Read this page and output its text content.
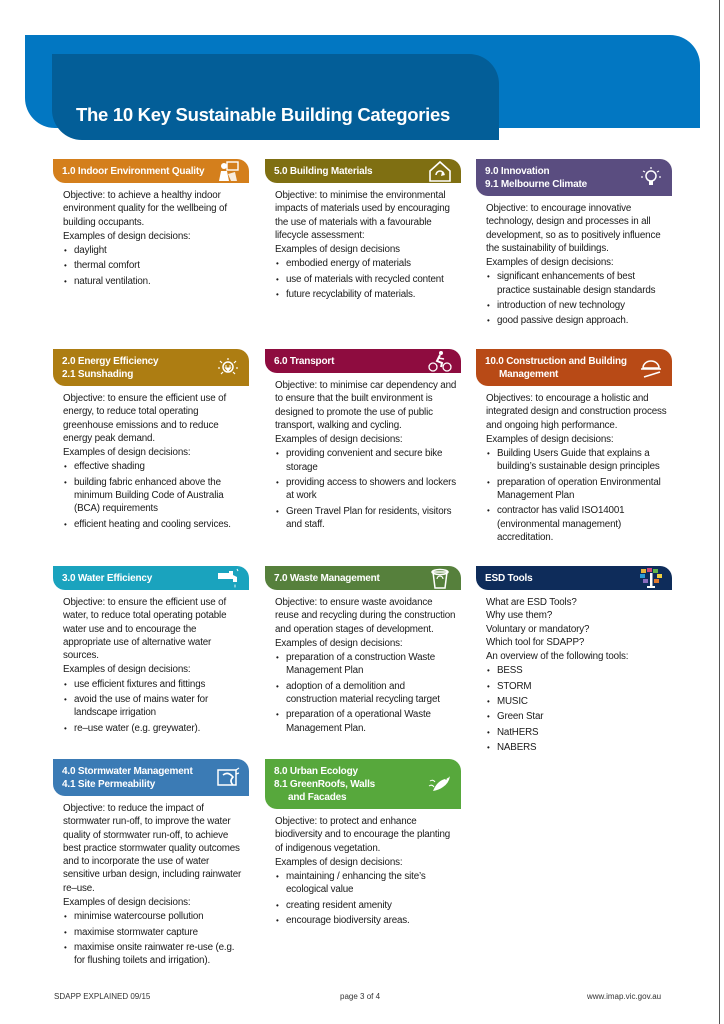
The 10 Key Sustainable Building Categories
1.0 Indoor Environment Quality

Objective: to achieve a healthy indoor environment quality for the wellbeing of building occupants.

Examples of design decisions:

• daylight
• thermal comfort
• natural ventilation.
5.0 Building Materials

Objective: to minimise the environmental impacts of materials used by encouraging the use of materials with a favourable lifecycle assessment:

Examples of design decisions

• embodied energy of materials
• use of materials with recycled content
• future recyclability of materials.
9.0 Innovation
9.1 Melbourne Climate

Objective: to encourage innovative technology, design and processes in all development, so as to positively influence the sustainability of buildings.

Examples of design decisions:

• significant enhancements of best practice sustainable design standards
• introduction of new technology
• good passive design approach.
2.0 Energy Efficiency
2.1 Sunshading

Objective: to ensure the efficient use of energy, to reduce total operating greenhouse emissions and to reduce energy peak demand.

Examples of design decisions:

• effective shading
• building fabric enhanced above the minimum Building Code of Australia (BCA) requirements
• efficient heating and cooling services.
6.0 Transport

Objective: to minimise car dependency and to ensure that the built environment is designed to promote the use of public transport, walking and cycling.

Examples of design decisions:

• providing convenient and secure bike storage
• providing access to showers and lockers at work
• Green Travel Plan for residents, visitors and staff.
10.0 Construction and Building
Management

Objectives: to encourage a holistic and integrated design and construction process and ongoing high performance.

Examples of design decisions:

• Building Users Guide that explains a building’s sustainable design principles
• preparation of operation Environmental Management Plan
• contractor has valid ISO14001 (environmental management) accreditation.
3.0 Water Efficiency

Objective: to ensure the efficient use of water, to reduce total operating potable water use and to encourage the appropriate use of alternative water sources.

Examples of design decisions:

• use efficient fixtures and fittings
• avoid the use of mains water for landscape irrigation
• re–use water (e.g. greywater).
7.0 Waste Management

Objective: to ensure waste avoidance reuse and recycling during the construction and operation stages of development.

Examples of design decisions:

• preparation of a construction Waste Management Plan
• adoption of a demolition and construction material recycling target
• preparation of a operational Waste Management Plan.
ESD Tools

What are ESD Tools?

Why use them?

Voluntary or mandatory?

Which tool for SDAPP?

An overview of the following tools:

• BESS
• STORM
• MUSIC
• Green Star
• NatHERS
• NABERS
4.0 Stormwater Management
4.1 Site Permeability

Objective: to reduce the impact of stormwater run-off, to improve the water quality of stormwater run-off, to achieve best practice stormwater quality outcomes and to incorporate the use of water sensitive urban design, including rainwater re–use.

Examples of design decisions:

• minimise watercourse pollution
• maximise stormwater capture
• maximise onsite rainwater re-use (e.g. for flushing toilets and irrigation).
8.0 Urban Ecology
8.1 GreenRoofs, Walls
and Facades

Objective: to protect and enhance biodiversity and to encourage the planting of indigenous vegetation.

Examples of design decisions:

• maintaining / enhancing the site’s ecological value
• creating resident amenity
• encourage biodiversity areas.
SDAPP EXPLAINED 09/15	page 3 of 4	www.imap.vic.gov.au
